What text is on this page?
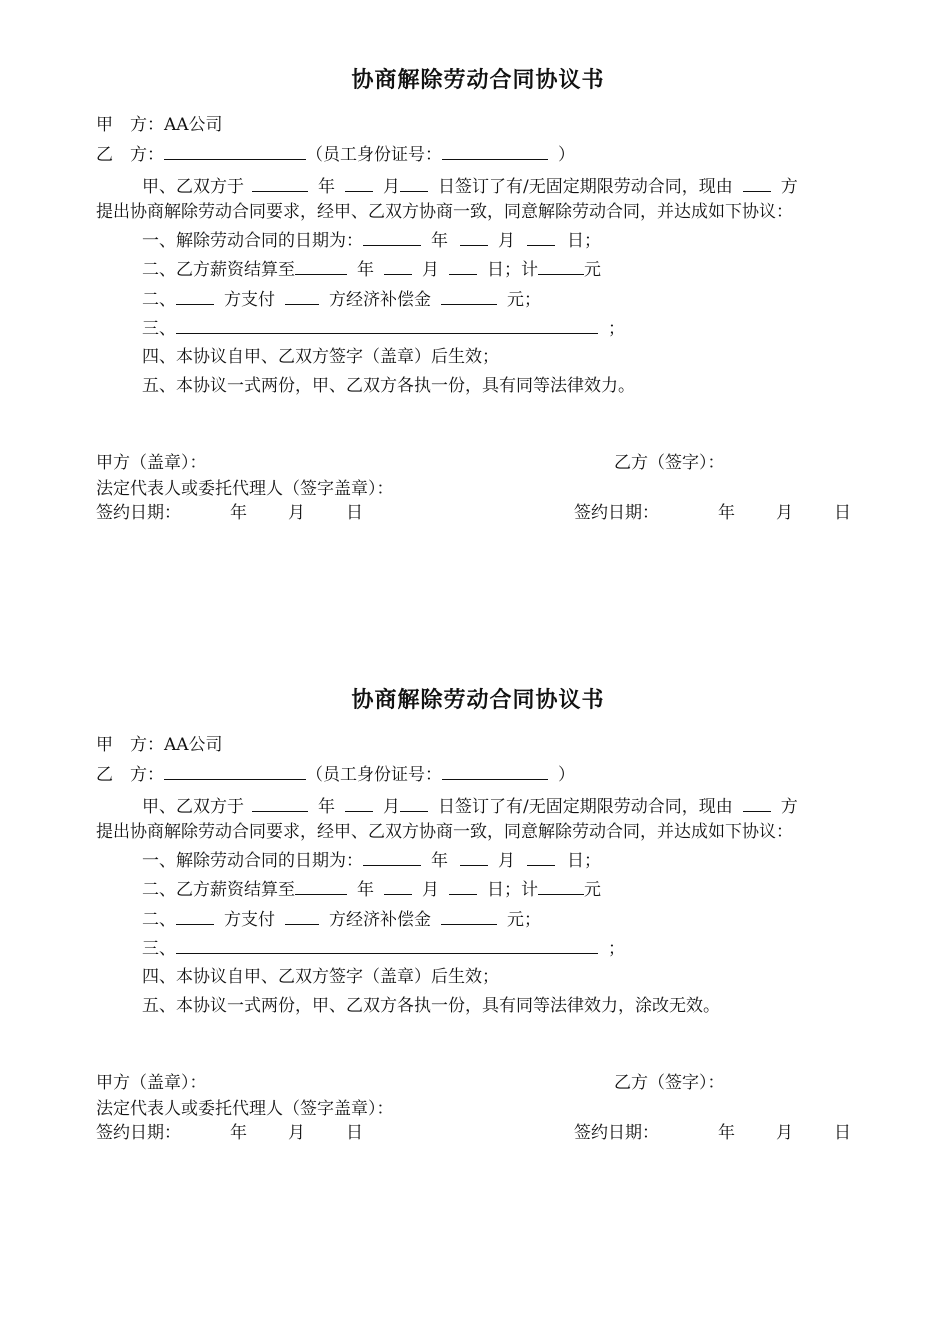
协商解除劳动合同协议书
甲　方：AA公司
乙　方：	（员工身份证号：	）
甲、乙双方于	年	月 日签订了有/无固定期限劳动合同，现由	方
提出协商解除劳动合同要求，经甲、乙双方协商一致，同意解除劳动合同，并达成如下协议：
一、解除劳动合同的日期为：	年	月	日；
二、乙方薪资结算至	年	月	日；计	元
二、	方支付	方经济补偿金	元；
三、	；
四、本协议自甲、乙双方签字（盖章）后生效；
五、本协议一式两份，甲、乙双方各执一份，具有同等法律效力。
甲方（盖章）：	乙方（签字）：
法定代表人或委托代理人（签字盖章）：
签约日期：	年 月 日	签约日期：	年 月 日
协商解除劳动合同协议书
甲　方：AA公司
乙　方：	（员工身份证号：	）
甲、乙双方于	年	月 日签订了有/无固定期限劳动合同，现由	方
提出协商解除劳动合同要求，经甲、乙双方协商一致，同意解除劳动合同，并达成如下协议：
一、解除劳动合同的日期为：	年	月	日；
二、乙方薪资结算至	年	月	日；计	元
二、	方支付	方经济补偿金	元；
三、	；
四、本协议自甲、乙双方签字（盖章）后生效；
五、本协议一式两份，甲、乙双方各执一份，具有同等法律效力，涂改无效。
甲方（盖章）：	乙方（签字）：
法定代表人或委托代理人（签字盖章）：
签约日期：	年 月 日	签约日期：	年 月 日
